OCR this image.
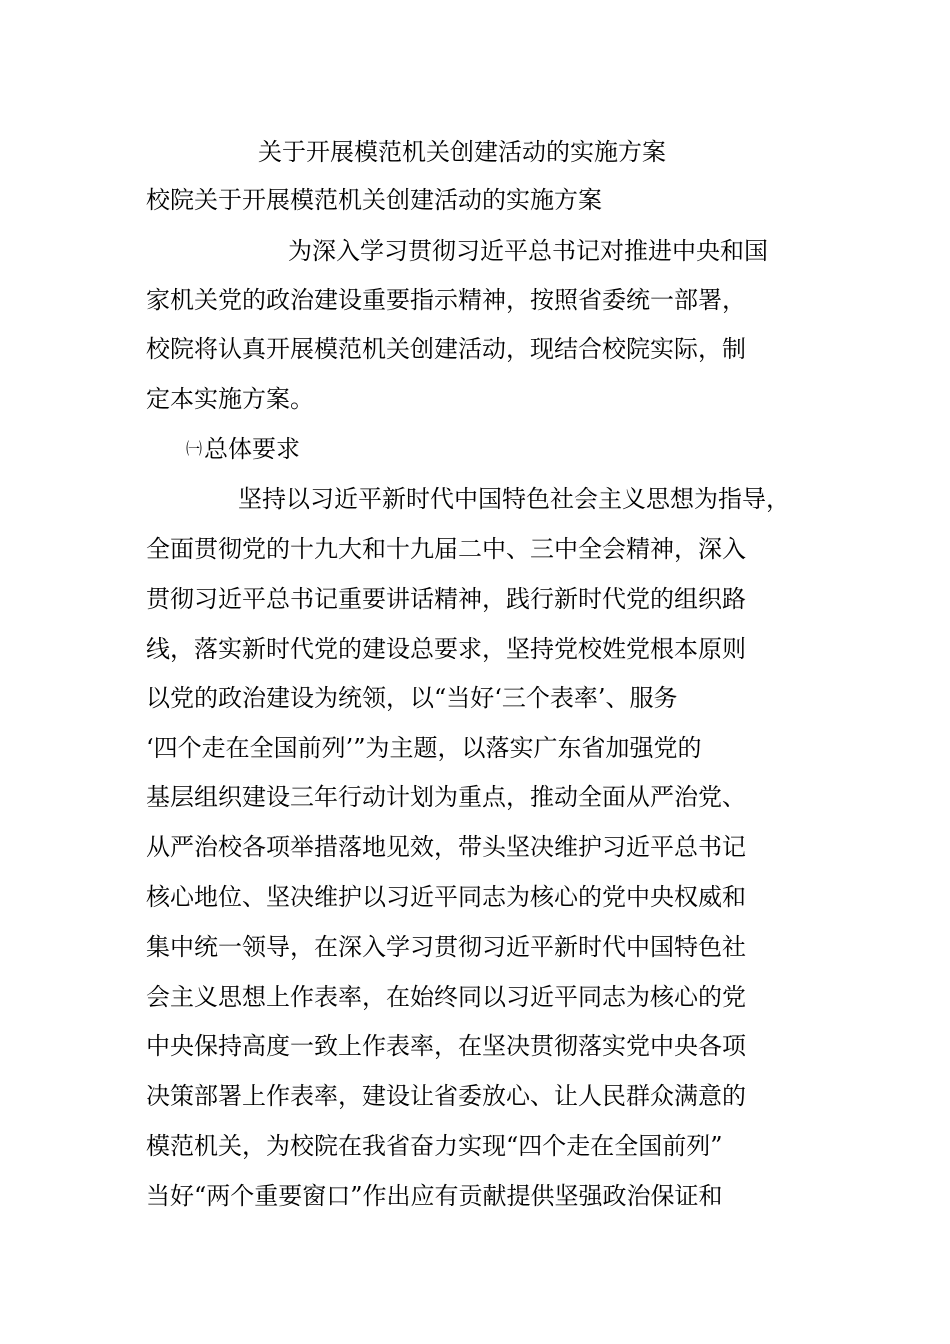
关于开展模范机关创建活动的实施方案
校院关于开展模范机关创建活动的实施方案
为深入学习贯彻习近平总书记对推进中央和国
家机关党的政治建设重要指示精神，按照省委统一部署，
校院将认真开展模范机关创建活动，现结合校院实际，制
定本实施方案。
㈠总体要求
坚持以习近平新时代中国特色社会主义思想为指导，
全面贯彻党的十九大和十九届二中、三中全会精神，深入
贯彻习近平总书记重要讲话精神，践行新时代党的组织路
线，落实新时代党的建设总要求，坚持党校姓党根本原则
以党的政治建设为统领，以“当好‘三个表率’、服务
‘四个走在全国前列’”为主题，以落实广东省加强党的
基层组织建设三年行动计划为重点，推动全面从严治党、
从严治校各项举措落地见效，带头坚决维护习近平总书记
核心地位、坚决维护以习近平同志为核心的党中央权威和
集中统一领导，在深入学习贯彻习近平新时代中国特色社
会主义思想上作表率，在始终同以习近平同志为核心的党
中央保持高度一致上作表率，在坚决贯彻落实党中央各项
决策部署上作表率，建设让省委放心、让人民群众满意的
模范机关，为校院在我省奋力实现“四个走在全国前列”
当好“两个重要窗口”作出应有贡献提供坚强政治保证和
